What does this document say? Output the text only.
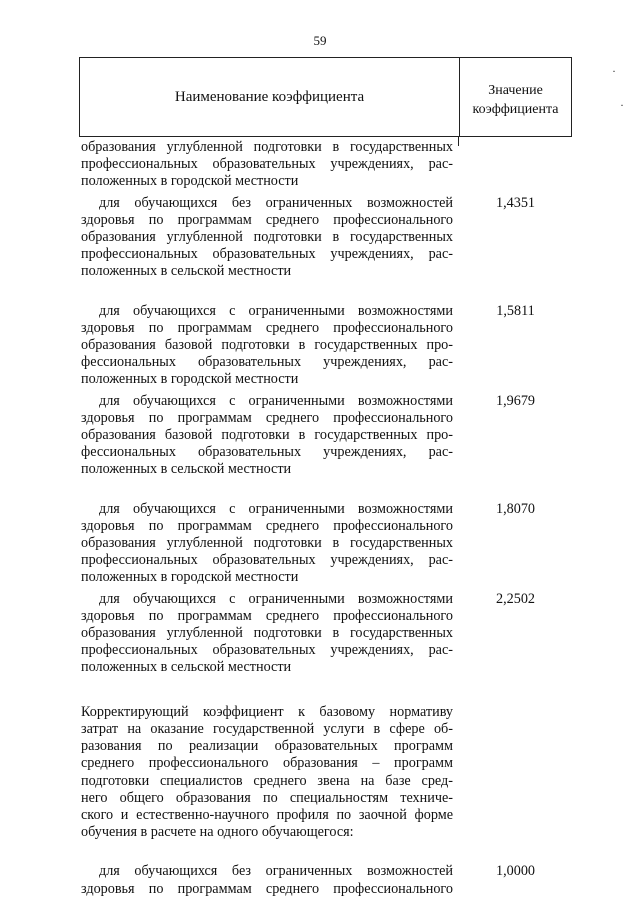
59
·
·
Наименование коэффициента	Значение
коэффициента
образования углубленной подготовки в государственных
профессиональных образовательных учреждениях, рас-
положенных в городской местности
для обучающихся без ограниченных возможностей
здоровья по программам среднего профессионального
образования углубленной подготовки в государственных
профессиональных образовательных учреждениях, рас-
положенных в сельской местности
1,4351
для обучающихся с ограниченными возможностями
здоровья по программам среднего профессионального
образования базовой подготовки в государственных про-
фессиональных образовательных учреждениях, рас-
положенных в городской местности
1,5811
для обучающихся с ограниченными возможностями
здоровья по программам среднего профессионального
образования базовой подготовки в государственных про-
фессиональных образовательных учреждениях, рас-
положенных в сельской местности
1,9679
для обучающихся с ограниченными возможностями
здоровья по программам среднего профессионального
образования углубленной подготовки в государственных
профессиональных образовательных учреждениях, рас-
положенных в городской местности
1,8070
для обучающихся с ограниченными возможностями
здоровья по программам среднего профессионального
образования углубленной подготовки в государственных
профессиональных образовательных учреждениях, рас-
положенных в сельской местности
2,2502
Корректирующий коэффициент к базовому нормативу
затрат на оказание государственной услуги в сфере об-
разования по реализации образовательных программ
среднего профессионального образования – программ
подготовки специалистов среднего звена на базе сред-
него общего образования по специальностям техниче-
ского и естественно-научного профиля по заочной форме
обучения в расчете на одного обучающегося:
для обучающихся без ограниченных возможностей
здоровья по программам среднего профессионального
1,0000
